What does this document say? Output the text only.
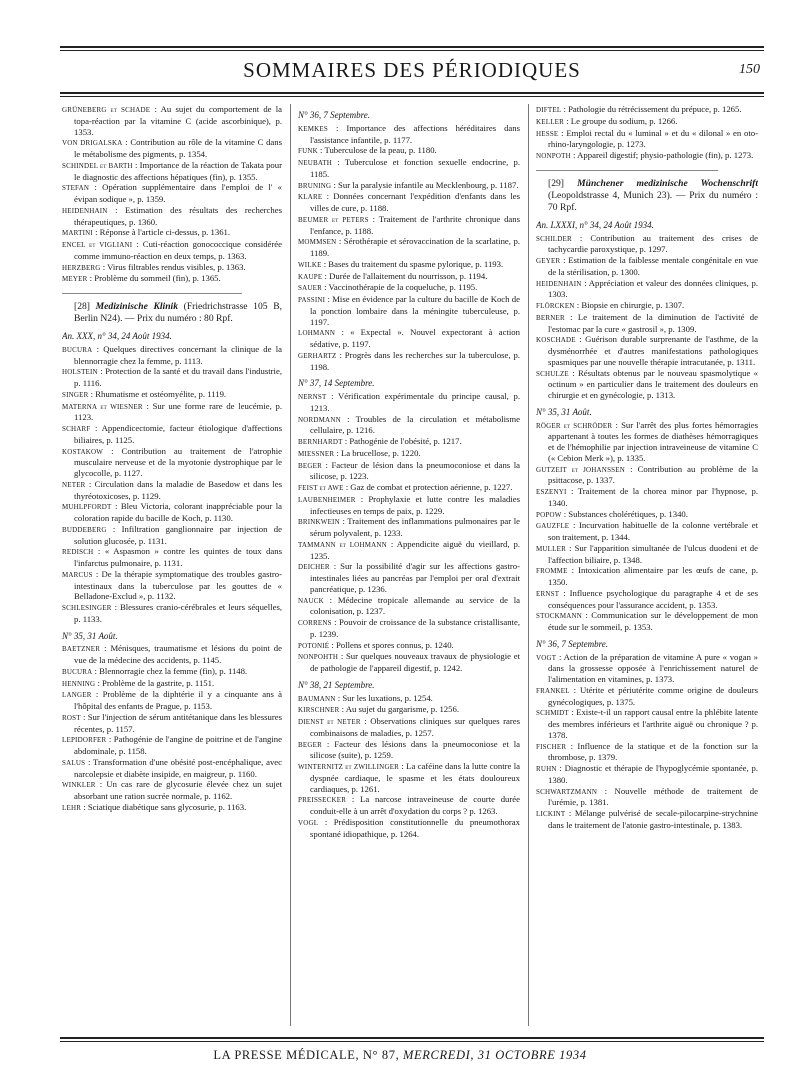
SOMMAIRES DES PÉRIODIQUES	150
GRÜNEBERG et SCHADE : Au sujet du comportement de la topa-réaction par la vitamine C (acide ascorbinique), p. 1353.
VON DRIGALSKA : Contribution au rôle de la vitamine C dans le métabolisme des pigments, p. 1354.
SCHINDEL et BARTH : Importance de la réaction de Takata pour le diagnostic des affections hépatiques (fin), p. 1355.
STEFAN : Opération supplémentaire dans l'emploi de l' « évipan sodique », p. 1359.
HEIDENHAIN : Estimation des résultats des recherches thérapeutiques, p. 1360.
MARTINI : Réponse à l'article ci-dessus, p. 1361.
ENCEL et VIGLIANI : Cuti-réaction gonococcique considérée comme immuno-réaction en deux temps, p. 1363.
HERZBERG : Virus filtrables rendus visibles, p. 1363.
MEYER : Problème du sommeil (fin), p. 1365.
[28] Medizinische Klinik (Friedrichstrasse 105 B, Berlin N24). — Prix du numéro : 80 Rpf.
An. XXX, n° 34, 24 Août 1934.
BUCURA : Quelques directives concernant la clinique de la blennorragie chez la femme, p. 1113.
HOLSTEIN : Protection de la santé et du travail dans l'industrie, p. 1116.
SINGER : Rhumatisme et ostéomyélite, p. 1119.
MATERNA et WIESNER : Sur une forme rare de leucémie, p. 1123.
SCHARF : Appendicectomie, facteur étiologique d'affections biliaires, p. 1125.
KOSTAKOW : Contribution au traitement de l'atrophie musculaire nerveuse et de la myotonie dystrophique par le glycocolle, p. 1127.
NETER : Circulation dans la maladie de Basedow et dans les thyréotoxicoses, p. 1129.
MUHLPFORDT : Bleu Victoria, colorant inappréciable pour la coloration rapide du bacille de Koch, p. 1130.
BUDDEBERG : Infiltration ganglionnaire par injection de solution glucosée, p. 1131.
REDISCH : « Aspasmon » contre les quintes de toux dans l'infarctus pulmonaire, p. 1131.
MARCUS : De la thérapie symptomatique des troubles gastro-intestinaux dans la tuberculose par les gouttes de « Belladone-Exclud », p. 1132.
SCHLESINGER : Blessures cranio-cérébrales et leurs séquelles, p. 1133.
N° 35, 31 Août.
BAETZNER : Ménisques, traumatisme et lésions du point de vue de la médecine des accidents, p. 1145.
BUCURA : Blennorragie chez la femme (fin), p. 1148.
HENNING : Problème de la gastrite, p. 1151.
LANGER : Problème de la diphtérie il y a cinquante ans à l'hôpital des enfants de Prague, p. 1153.
ROST : Sur l'injection de sérum antitétanique dans les blessures récentes, p. 1157.
LEPIDORFER : Pathogénie de l'angine de poitrine et de l'angine abdominale, p. 1158.
SALUS : Transformation d'une obésité post-encéphalique, avec narcolepsie et diabète insipide, en maigreur, p. 1160.
WINKLER : Un cas rare de glycosurie élevée chez un sujet absorbant une ration sucrée normale, p. 1162.
LEHR : Sciatique diabétique sans glycosurie, p. 1163.
N° 36, 7 Septembre.
KEMKES : Importance des affections héréditaires dans l'assistance infantile, p. 1177.
FUNK : Tuberculose de la peau, p. 1180.
NEUBATH : Tuberculose et fonction sexuelle endocrine, p. 1185.
BRUNING : Sur la paralysie infantile au Mecklenbourg, p. 1187.
KLARE : Données concernant l'expédition d'enfants dans les villes de cure, p. 1188.
BEUMER et PETERS : Traitement de l'arthrite chronique dans l'enfance, p. 1188.
MOMMSEN : Sérothérapie et sérovaccination de la scarlatine, p. 1189.
WILKE : Bases du traitement du spasme pylorique, p. 1193.
KAUPE : Durée de l'allaitement du nourrisson, p. 1194.
SAUER : Vaccinothérapie de la coqueluche, p. 1195.
PASSINI : Mise en évidence par la culture du bacille de Koch de la ponction lombaire dans la méningite tuberculeuse, p. 1197.
LOHMANN : « Expectal ». Nouvel expectorant à action sédative, p. 1197.
GERHARTZ : Progrès dans les recherches sur la tuberculose, p. 1198.
N° 37, 14 Septembre.
NERNST : Vérification expérimentale du principe causal, p. 1213.
NORDMANN : Troubles de la circulation et métabolisme cellulaire, p. 1216.
BERNHARDT : Pathogénie de l'obésité, p. 1217.
MIESSNER : La brucellose, p. 1220.
BEGER : Facteur de lésion dans la pneumoconiose et dans la silicose, p. 1223.
FEIST et AWE : Gaz de combat et protection aérienne, p. 1227.
LAUBENHEIMER : Prophylaxie et lutte contre les maladies infectieuses en temps de paix, p. 1229.
BRINKWEIN : Traitement des inflammations pulmonaires par le sérum polyvalent, p. 1233.
TAMMANN et LOHMANN : Appendicite aiguë du vieillard, p. 1235.
DEICHER : Sur la possibilité d'agir sur les affections gastro-intestinales liées au pancréas par l'emploi per oral d'extrait pancréatique, p. 1236.
NAUCK : Médecine tropicale allemande au service de la colonisation, p. 1237.
CORRENS : Pouvoir de croissance de la substance cristallisante, p. 1239.
POTONIÉ : Pollens et spores connus, p. 1240.
NONPOHTH : Sur quelques nouveaux travaux de physiologie et de pathologie de l'appareil digestif, p. 1242.
N° 38, 21 Septembre.
BAUMANN : Sur les luxations, p. 1254.
KIRSCHNER : Au sujet du gargarisme, p. 1256.
DIENST et NETER : Observations cliniques sur quelques rares combinaisons de maladies, p. 1257.
BEGER : Facteur des lésions dans la pneumoconiose et la silicose (suite), p. 1259.
WINTERNITZ et ZWILLINGER : La caféine dans la lutte contre la dyspnée cardiaque, le spasme et les états douloureux cardiaques, p. 1261.
PREISSECKER : La narcose intraveineuse de courte durée conduit-elle à un arrêt d'oxydation du corps ? p. 1263.
VOGL : Prédisposition constitutionnelle du pneumothorax spontané idiopathique, p. 1264.
DIFTEL : Pathologie du rétrécissement du prépuce, p. 1265.
KELLER : Le groupe du sodium, p. 1266.
HESSE : Emploi rectal du « luminal » et du « dilonal » en oto-rhino-laryngologie, p. 1273.
NONPOTH : Appareil digestif; physio-pathologie (fin), p. 1273.
[29] Münchener medizinische Wochenschrift (Leopoldstrasse 4, Munich 23). — Prix du numéro : 70 Rpf.
An. LXXXI, n° 34, 24 Août 1934.
SCHILDER : Contribution au traitement des crises de tachycardie paroxystique, p. 1297.
GEYER : Estimation de la faiblesse mentale congénitale en vue de la stérilisation, p. 1300.
HEIDENHAIN : Appréciation et valeur des données cliniques, p. 1303.
FLÖRCKEN : Biopsie en chirurgie, p. 1307.
BERNER : Le traitement de la diminution de l'activité de l'estomac par la cure « gastrosil », p. 1309.
KOSCHADE : Guérison durable surprenante de l'asthme, de la dysménorrhée et d'autres manifestations pathologiques spasmiques par une nouvelle thérapie intracutanée, p. 1311.
SCHULZE : Résultats obtenus par le nouveau spasmolytique « octinum » en particulier dans le traitement des douleurs en chirurgie et en gynécologie, p. 1313.
N° 35, 31 Août.
RÖGER et SCHRÖDER : Sur l'arrêt des plus fortes hémorragies appartenant à toutes les formes de diathèses hémorragiques et de l'hémophilie par injection intraveineuse de vitamine C (« Cebion Merk »), p. 1335.
GUTZEIT et JOHANSSEN : Contribution au problème de la psittacose, p. 1337.
ESZENYI : Traitement de la chorea minor par l'hypnose, p. 1340.
POPOW : Substances cholérétiques, p. 1340.
GAUZFLE : Incurvation habituelle de la colonne vertébrale et son traitement, p. 1344.
MULLER : Sur l'apparition simultanée de l'ulcus duodeni et de l'affection biliaire, p. 1348.
FROMME : Intoxication alimentaire par les œufs de cane, p. 1350.
ERNST : Influence psychologique du paragraphe 4 et de ses conséquences pour l'assurance accident, p. 1353.
STOCKMANN : Communication sur le développement de mon étude sur le sommeil, p. 1353.
N° 36, 7 Septembre.
VOGT : Action de la préparation de vitamine A pure « vogan » dans la grossesse opposée à l'enrichissement naturel de l'alimentation en vitamines, p. 1373.
FRANKEL : Utérite et périutérite comme origine de douleurs gynécologiques, p. 1375.
SCHMIDT : Existe-t-il un rapport causal entre la phlébite latente des membres inférieurs et l'arthrite aiguë ou chronique ? p. 1378.
FISCHER : Influence de la statique et de la fonction sur la thrombose, p. 1379.
RUHN : Diagnostic et thérapie de l'hypoglycémie spontanée, p. 1380.
SCHWARTZMANN : Nouvelle méthode de traitement de l'urémie, p. 1381.
LICKINT : Mélange pulvérisé de secale-pilocarpine-strychnine dans le traitement de l'atonie gastro-intestinale, p. 1383.
LA PRESSE MÉDICALE, N° 87, MERCREDI, 31 OCTOBRE 1934
